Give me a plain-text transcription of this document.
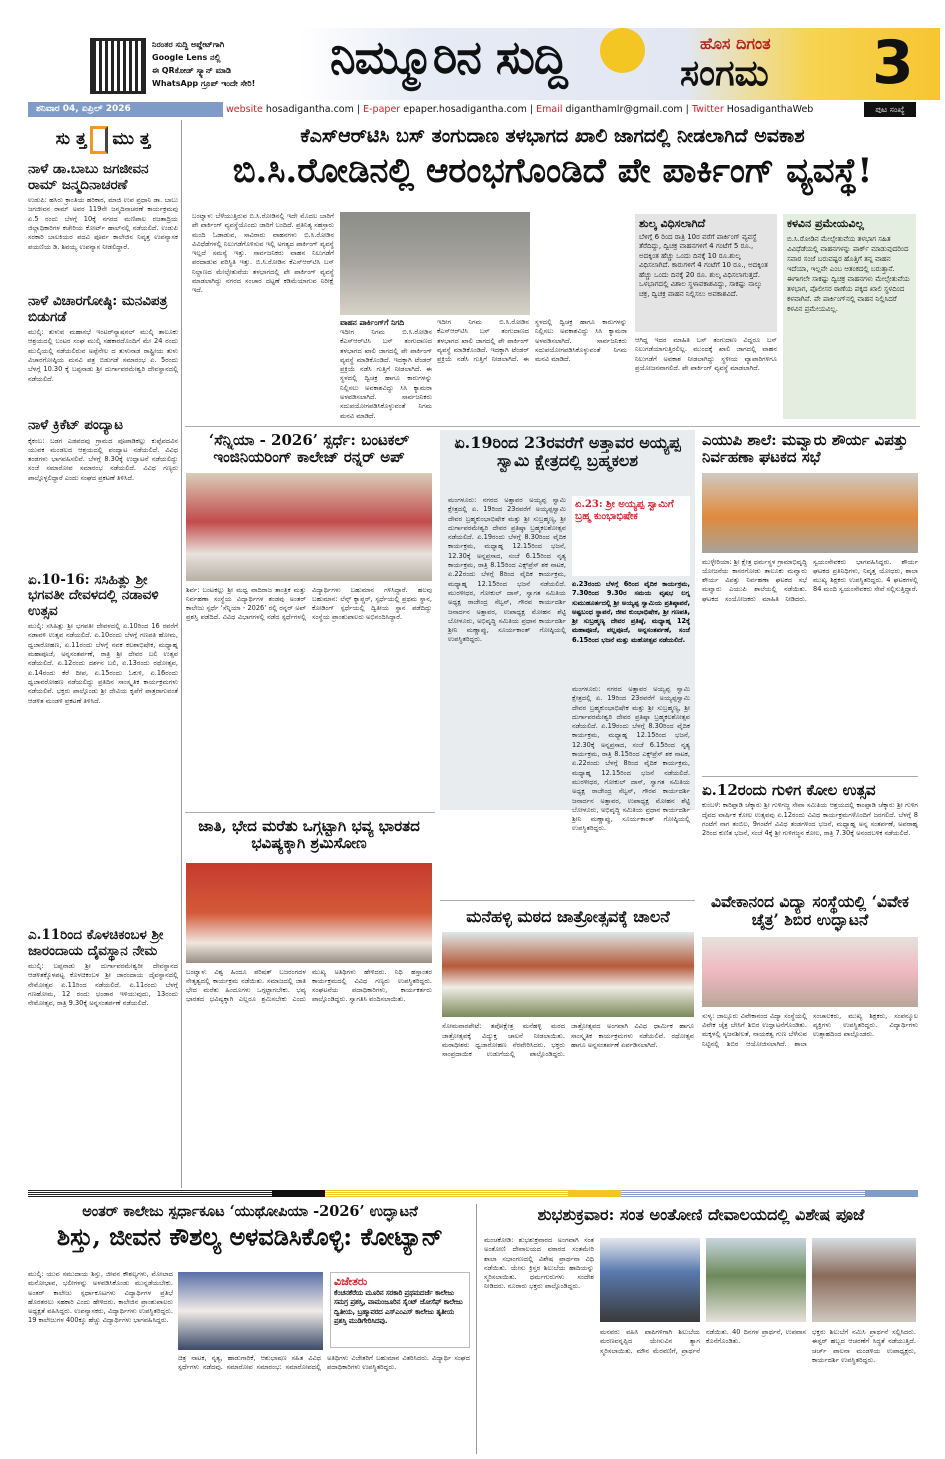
ನಿರಂತರ ಸುದ್ದಿ ಅಪ್ಡೇಟ್‌ಗಾಗಿ
Google Lens ನಲ್ಲಿ
ಈ QRಕೋಡ್ ಸ್ಕ್ಯಾನ್ ಮಾಡಿ
WhatsApp ಗ್ರೂಪ್ ಇಂದೇ ಸೇರಿ!	ನಿಮ್ಮೂರಿನ ಸುದ್ದಿ	ಹೊಸ ದಿಗಂತ
ಸಂಗಮ 3
ಶನಿವಾರ 04, ಏಪ್ರಿಲ್ 2026	website hosadigantha.com | E-paper epaper.hosadigantha.com | Email diganthamlr@gmail.com | Twitter HosadiganthaWeb	ಪುಟ ಸಂಖ್ಯೆ
ಸು ತ್ತ ಮು ತ್ತ
ನಾಳೆ ಡಾ.ಬಾಬು ಜಗಜೀವನ ರಾಮ್ ಜನ್ಮದಿನಾಚರಣೆ
ಉಡುಪಿ: ಹಸಿರು ಕ್ರಾಂತಿಯ ಹರಿಕಾರ, ಮಾಜಿ ಉಪ ಪ್ರಧಾನಿ ಡಾ. ಬಾಬು ಜಗಜೀವನ ರಾಮ್ ಅವರ 119ನೇ ಜನ್ಮದಿನಾಚರಣೆ ಕಾರ್ಯಕ್ರಮವು ಏ.5 ರಂದು ಬೆಳಗ್ಗೆ 10ಕ್ಕೆ ನಗರದ ಮಣಿಪಾಲ ರಜತಾದ್ರಿಯ ಜಿಲ್ಲಾಧಿಕಾರಿಗಳ ಕಚೇರಿಯ ಕೋರ್ಟ್ ಹಾಲ್‌ನಲ್ಲಿ ನಡೆಯಲಿದೆ. ಉಡುಪಿ ಸರಕಾರಿ ಬಾಲಕಿಯರ ಪದವಿ ಪೂರ್ವ ಕಾಲೇಜಿನ ನಿವೃತ್ತ ಉಪನ್ಯಾಸಕ ಪಯಣಿಯ ಡಿ. ಶಿವಯ್ಯ ಉಪನ್ಯಾಸ ನೀಡಲಿದ್ದಾರೆ.
ನಾಳೆ ವಿಚಾರಗೋಷ್ಠಿ: ಮನವಿಪತ್ರ ಬಿಡುಗಡೆ
ಮುಲ್ಕಿ: ತುಳುವ ಮಹಾಸಭೆ ಇಂಟರ್‌ನ್ಯಾಷನಲ್ ಮುಲ್ಕಿ ತಾಲೂಕು ಆಶ್ರಯದಲ್ಲಿ ಬಂಟರ ಸಂಘ ಮುಲ್ಕಿ ಸಹಕಾರದೊಂದಿಗೆ ಮೇ 24 ರಂದು ಮುಲ್ಕಿಯಲ್ಲಿ ನಡೆಯಲಿರುವ ಅಪ್ಪೆನೇಲ ದ ತುಳುನಾಡ ರಾಷ್ಟ್ರೀಯ ತುಳು ವಿಚಾರಗೋಷ್ಠಿಯ ಮನವಿ ಪತ್ರ ಬಿಡುಗಡೆ ಸಮಾರಂಭ ಏ. 5ರಂದು ಬೆಳಗ್ಗೆ 10.30 ಕ್ಕೆ ಬಪ್ಪನಾಡು ಶ್ರೀ ದುರ್ಗಾಪರಮೇಶ್ವರಿ ದೇವಸ್ಥಾನದಲ್ಲಿ ನಡೆಯಲಿದೆ.
ನಾಳೆ ಕ್ರಿಕೆಟ್ ಪಂದ್ಯಾಟ
ಕೈಕಂಬ: ಬಡಗ ಎಡಪದವು ಗ್ರಾಮದ ಪೂಪಾಡಿಕಲ್ಲು ಕುಪ್ಪೆಪದವಿನ ಯುವಕ ಮಂಡಲದ ಆಶ್ರಯದಲ್ಲಿ ಪಂದ್ಯಾಟ ನಡೆಯಲಿದೆ. ವಿವಿಧ ತಂಡಗಳು ಭಾಗವಹಿಸಲಿವೆ. ಬೆಳಗ್ಗೆ 8.30ಕ್ಕೆ ಉದ್ಘಾಟನೆ ನಡೆಯಲಿದ್ದು ಸಂಜೆ ಸಮಾರೋಪ ಸಮಾರಂಭ ನಡೆಯಲಿದೆ. ವಿವಿಧ ಗಣ್ಯರು ಪಾಲ್ಗೊಳ್ಳಲಿದ್ದಾರೆ ಎಂದು ಸಂಘದ ಪ್ರಕಟಣೆ ತಿಳಿಸಿದೆ.
ಏ.10-16: ಸಸಿಹಿತ್ಲು ಶ್ರೀ ಭಗವತೀ ದೇವಳದಲ್ಲಿ ನಡಾವಳಿ ಉತ್ಸವ
ಮುಲ್ಕಿ: ಸಸಿಹಿತ್ಲು ಶ್ರೀ ಭಗವತೀ ದೇವಳದಲ್ಲಿ ಏ.10ರಿಂದ 16 ರವರೆಗೆ ನಡಾವಳಿ ಉತ್ಸವ ನಡೆಯಲಿದೆ. ಏ.10ರಂದು ಬೆಳಗ್ಗೆ ಗಣಪತಿ ಹೋಮ, ಧ್ವಜಾರೋಹಣ, ಏ.11ರಂದು ಬೆಳಗ್ಗೆ ನವಕ ಕಲಶಾಭಿಷೇಕ, ಮಧ್ಯಾಹ್ನ ಮಹಾಪೂಜೆ, ಅನ್ನಸಂತರ್ಪಣೆ, ರಾತ್ರಿ ಶ್ರೀ ದೇವರ ಬಲಿ ಉತ್ಸವ ನಡೆಯಲಿದೆ. ಏ.12ರಂದು ದರ್ಶನ ಬಲಿ, ಏ.13ರಂದು ರಥೋತ್ಸವ, ಏ.14ರಂದು ಕೆರೆ ದೀಪ, ಏ.15ರಂದು ಓಕುಳಿ, ಏ.16ರಂದು ಧ್ವಜಾವರೋಹಣ ನಡೆಯಲಿದ್ದು ಪ್ರತಿದಿನ ಸಾಂಸ್ಕೃತಿಕ ಕಾರ್ಯಕ್ರಮಗಳು ನಡೆಯಲಿವೆ. ಭಕ್ತರು ಪಾಲ್ಗೊಂಡು ಶ್ರೀ ದೇವಿಯ ಕೃಪೆಗೆ ಪಾತ್ರರಾಗುವಂತೆ ಆಡಳಿತ ಮಂಡಳಿ ಪ್ರಕಟಣೆ ತಿಳಿಸಿದೆ.
ಎ.11ರಿಂದ ಕೊಳಚಿಕಂಬಳ ಶ್ರೀ ಜಾರಂದಾಯ ದೈವಸ್ಥಾನ ನೇಮ
ಮುಲ್ಕಿ: ಬಪ್ಪನಾಡು ಶ್ರೀ ದುರ್ಗಾಪರಮೇಶ್ವರೀ ದೇವಸ್ಥಾನದ ಆಡಳಿತಕ್ಕೊಳಪಟ್ಟ ಕೊಳಚಿಕಂಬಳ ಶ್ರೀ ಜಾರಂದಾಯ ದೈವಸ್ಥಾನದಲ್ಲಿ ನೇಮೋತ್ಸವ ಏ.11ರಿಂದ ನಡೆಯಲಿದೆ. ಏ.11ರಂದು ಬೆಳಗ್ಗೆ ಗಣಹೋಮ, 12 ರಂದು ಭಂಡಾರ ಇಳಿಯುವುದು, 13ರಂದು ನೇಮೋತ್ಸವ, ರಾತ್ರಿ 9.30ಕ್ಕೆ ಅನ್ನಸಂತರ್ಪಣೆ ನಡೆಯಲಿದೆ.
ಕೆಎಸ್‌ಆರ್‌ಟಿಸಿ ಬಸ್ ತಂಗುದಾಣ ತಳಭಾಗದ ಖಾಲಿ ಜಾಗದಲ್ಲಿ ನೀಡಲಾಗಿದೆ ಅವಕಾಶ
ಬಿ.ಸಿ.ರೋಡಿನಲ್ಲಿ ಆರಂಭಗೊಂಡಿದೆ ಪೇ ಪಾರ್ಕಿಂಗ್ ವ್ಯವಸ್ಥೆ!
ಬಂಟ್ವಾಳ: ಬೆಳೆಯುತ್ತಿರುವ ಬಿ.ಸಿ.ರೋಡಿನಲ್ಲಿ ಇದೇ ಮೊದಲ ಬಾರಿಗೆ ಪೇ ಪಾರ್ಕಿಂಗ್ ವ್ಯವಸ್ಥೆಯೊಂದು ಜಾರಿಗೆ ಬಂದಿದೆ. ಪ್ರತಿನಿತ್ಯ ಸಹಸ್ರಾರು ಮಂದಿ ಓಡಾಡುವ, ಸಾವಿರಾರು ವಾಹನಗಳು ಬಿ.ಸಿ.ರೋಡಿನ ವಿವಿಧೆಡೆಗಳಲ್ಲಿ ನಿಲುಗಡೆಗೊಳಿಸುವ ಇಲ್ಲಿ ಅಗತ್ಯದ ಪಾರ್ಕಿಂಗ್ ವ್ಯವಸ್ಥೆ ಇಲ್ಲದೆ ಸಮಸ್ಯೆ ಇತ್ತು. ಸಾರ್ವಜನಿಕರು ವಾಹನ ನಿಲುಗಡೆಗೆ ಪರದಾಡುವ ಪರಿಸ್ಥಿತಿ ಇತ್ತು. ಬಿ.ಸಿ.ರೋಡಿನ ಕೆಎಸ್‌ಆರ್‌ಟಿಸಿ ಬಸ್ ನಿಲ್ದಾಣದ ಮೇಲ್ಸೇತುವೆಯ ತಳಭಾಗದಲ್ಲಿ ಪೇ ಪಾರ್ಕಿಂಗ್ ವ್ಯವಸ್ಥೆ ಮಾಡಲಾಗಿದ್ದು ನಗರದ ಸಂಚಾರ ದಟ್ಟಣೆ ಕಡಿಮೆಯಾಗುವ ನಿರೀಕ್ಷೆ ಇದೆ.
ವಾಹನ ಪಾರ್ಕಿಂಗ್‌ಗೆ ನಿಗದಿ
ಇದೀಗ ನಿಗಮ ಬಿ.ಸಿ.ರೋಡಿನ ಕೆಎಸ್‌ಆರ್‌ಟಿಸಿ ಬಸ್ ತಂಗುದಾಣದ ತಳಭಾಗದ ಖಾಲಿ ಜಾಗದಲ್ಲಿ ಪೇ ಪಾರ್ಕಿಂಗ್ ವ್ಯವಸ್ಥೆ ಮಾಡಿಕೊಂಡಿದೆ. ಇದಕ್ಕಾಗಿ ಟೆಂಡರ್ ಪ್ರಕ್ರಿಯೆ ನಡೆಸಿ ಗುತ್ತಿಗೆ ನೀಡಲಾಗಿದೆ. ಈ ಸ್ಥಳದಲ್ಲಿ ದ್ವಿಚಕ್ರ ಹಾಗೂ ಕಾರುಗಳನ್ನು ನಿಲ್ಲಿಸಲು ಅವಕಾಶವಿದ್ದು ಸಿಸಿ ಕ್ಯಾಮರಾ ಅಳವಡಿಸಲಾಗಿದೆ. ಸಾರ್ವಜನಿಕರು ಸದುಪಯೋಗಪಡಿಸಿಕೊಳ್ಳುವಂತೆ ನಿಗಮ ಮನವಿ ಮಾಡಿದೆ.
ಇದೀಗ ನಿಗಮ ಬಿ.ಸಿ.ರೋಡಿನ ಕೆಎಸ್‌ಆರ್‌ಟಿಸಿ ಬಸ್ ತಂಗುದಾಣದ ತಳಭಾಗದ ಖಾಲಿ ಜಾಗದಲ್ಲಿ ಪೇ ಪಾರ್ಕಿಂಗ್ ವ್ಯವಸ್ಥೆ ಮಾಡಿಕೊಂಡಿದೆ. ಇದಕ್ಕಾಗಿ ಟೆಂಡರ್ ಪ್ರಕ್ರಿಯೆ ನಡೆಸಿ ಗುತ್ತಿಗೆ ನೀಡಲಾಗಿದೆ. ಈ ಸ್ಥಳದಲ್ಲಿ ದ್ವಿಚಕ್ರ ಹಾಗೂ ಕಾರುಗಳನ್ನು ನಿಲ್ಲಿಸಲು ಅವಕಾಶವಿದ್ದು ಸಿಸಿ ಕ್ಯಾಮರಾ ಅಳವಡಿಸಲಾಗಿದೆ. ಸಾರ್ವಜನಿಕರು ಸದುಪಯೋಗಪಡಿಸಿಕೊಳ್ಳುವಂತೆ ನಿಗಮ ಮನವಿ ಮಾಡಿದೆ.
ಆಗಿದ್ದ ಇದರ ಮಾಹಿತಿ ಬಸ್ ತಂಗುದಾಣ ವಿದ್ದರೂ ಬಸ್ ನಿಲುಗಡೆಯಾಗುತ್ತಿರಲಿಲ್ಲ. ಮುಂದಕ್ಕೆ ಖಾಲಿ ಜಾಗದಲ್ಲಿ ವಾಹನ ನಿಲುಗಡೆಗೆ ಅವಕಾಶ ನೀಡಲಾಗಿದ್ದು ಸ್ಥಳೀಯ ವ್ಯಾಪಾರಿಗಳಿಗೂ ಪ್ರಯೋಜನವಾಗಲಿದೆ. ಪೇ ಪಾರ್ಕಿಂಗ್ ವ್ಯವಸ್ಥೆ ಮಾಡಲಾಗಿದೆ.
ಶುಲ್ಕ ವಿಧಿಸಲಾಗಿದೆ
ಬೆಳಿಗ್ಗೆ 6 ರಿಂದ ರಾತ್ರಿ 10ರ ವರೆಗೆ ಪಾರ್ಕಿಂಗ್ ವ್ಯವಸ್ಥೆ ತೆರೆದಿದ್ದು, ದ್ವಿಚಕ್ರ ವಾಹನಗಳಿಗೆ 4 ಗಂಟೆಗೆ 5 ರೂ., ಅದಕ್ಕಿಂತ ಹೆಚ್ಚು ಒಂದು ದಿನಕ್ಕೆ 10 ರೂ.ಶುಲ್ಕ ವಿಧಿಸಲಾಗಿದೆ. ಕಾರುಗಳಿಗೆ 4 ಗಂಟೆಗೆ 10 ರೂ., ಅದಕ್ಕಿಂತ ಹೆಚ್ಚು ಒಂದು ದಿನಕ್ಕೆ 20 ರೂ. ಶುಲ್ಕ ವಿಧಿಸಲಾಗುತ್ತದೆ. ಒಳಭಾಗದಲ್ಲಿ ವಿಶಾಲ ಸ್ಥಳಾವಕಾಶವಿದ್ದು, ಸಾಕಷ್ಟು ನಾಲ್ಕು ಚಕ್ರ, ದ್ವಿಚಕ್ರ ವಾಹನ ನಿಲ್ಲಿಸಲು ಅವಕಾಶವಿದೆ.
ಕಳವಿನ ಪ್ರಮೇಯವಿಲ್ಲ
ಬಿ.ಸಿ.ರೋಡಿನ ಮೇಲ್ಸೇತುವೆಯ ತಳಭಾಗ ಸಹಿತ ವಿವಿಧೆಡೆಯಲ್ಲಿ ವಾಹನಗಳನ್ನು ಪಾರ್ಕ್ ಮಾಡುವುದರಿಂದ ಸವಾರ ಸಂಜೆ ಬರುವಷ್ಟರ ಹೊತ್ತಿಗೆ ತನ್ನ ವಾಹನ ಇದೆಯಾ, ಇಲ್ಲವೇ ಎಂಬ ಆತಂಕದಲ್ಲಿ ಬರುತ್ತಾನೆ. ಈಗಾಗಲೇ ಸಾಕಷ್ಟು ದ್ವಿಚಕ್ರ ವಾಹನಗಳು ಮೇಲ್ಸೇತುವೆಯ ತಳಭಾಗ, ಪೊಲೀಸರ ಠಾಣೆಯ ಪಕ್ಕದ ಖಾಲಿ ಸ್ಥಳದಿಂದ ಕಳವಾಗಿವೆ. ಪೇ ಪಾರ್ಕಿಂಗ್‌ನಲ್ಲಿ ವಾಹನ ನಿಲ್ಲಿಸಿದರೆ ಕಳವಿನ ಪ್ರಮೇಯವಿಲ್ಲ.
‘ಸೆನ್ನಿಯಾ - 2026’ ಸ್ಪರ್ಧೆ: ಬಂಟಕಲ್ ಇಂಜಿನಿಯರಿಂಗ್ ಕಾಲೇಜ್ ರನ್ನರ್ ಅಪ್
ಶಿರ್ವ: ಬಂಟಕಲ್ಲು ಶ್ರೀ ಮಧ್ವ ವಾದಿರಾಜ ತಾಂತ್ರಿಕ ಮತ್ತು ನಿರ್ವಹಣಾ ಸಂಸ್ಥೆಯ ವಿದ್ಯಾರ್ಥಿಗಳ ತಂಡವು ಅಂತರ್ ಕಾಲೇಜು ಸ್ಪರ್ಧೆ ‘ಸೆನ್ನಿಯಾ - 2026’ ರಲ್ಲಿ ರನ್ನರ್ ಅಪ್ ಪ್ರಶಸ್ತಿ ಪಡೆದಿದೆ. ವಿವಿಧ ವಿಭಾಗಗಳಲ್ಲಿ ನಡೆದ ಸ್ಪರ್ಧೆಗಳಲ್ಲಿ ವಿದ್ಯಾರ್ಥಿಗಳು ಬಹುಮಾನ ಗಳಿಸಿದ್ದಾರೆ. ಹಲವು ಬಹುಮಾನ: ಲೆನ್ಸ್ ಕ್ಯಾಪ್ಚರ್, ಸ್ಪರ್ಧೆಯಲ್ಲಿ ಪ್ರಥಮ ಸ್ಥಾನ, ಕೋಡಿಂಗ್ ಸ್ಪರ್ಧೆಯಲ್ಲಿ ದ್ವಿತೀಯ ಸ್ಥಾನ ಪಡೆದಿದ್ದು ಸಂಸ್ಥೆಯ ಪ್ರಾಂಶುಪಾಲರು ಅಭಿನಂದಿಸಿದ್ದಾರೆ.
ಏ.19ರಿಂದ 23ರವರೆಗೆ ಅತ್ತಾವರ ಅಯ್ಯಪ್ಪ ಸ್ವಾಮಿ ಕ್ಷೇತ್ರದಲ್ಲಿ ಬ್ರಹ್ಮಕಲಶ
ಮಂಗಳೂರು: ನಗರದ ಅತ್ತಾವರ ಅಯ್ಯಪ್ಪ ಸ್ವಾಮಿ ಕ್ಷೇತ್ರದಲ್ಲಿ ಏ. 19ರಿಂದ 23ರವರೆಗೆ ಅಯ್ಯಪ್ಪಸ್ವಾಮಿ ದೇವರ ಬ್ರಹ್ಮಕುಂಭಾಭಿಷೇಕ ಮತ್ತು ಶ್ರೀ ಸುಬ್ರಹ್ಮಣ್ಯ, ಶ್ರೀ ದುರ್ಗಾಪರಮೇಶ್ವರಿ ದೇವರ ಪ್ರತಿಷ್ಠಾ ಬ್ರಹ್ಮಕಲಶೋತ್ಸವ ನಡೆಯಲಿದೆ. ಏ.19ರಂದು ಬೆಳಗ್ಗೆ 8.30ರಿಂದ ವೈದಿಕ ಕಾರ್ಯಕ್ರಮ, ಮಧ್ಯಾಹ್ನ 12.15ರಿಂದ ಭಜನೆ, 12.30ಕ್ಕೆ ಅನ್ನಪ್ರಸಾದ, ಸಂಜೆ 6.15ರಿಂದ ನೃತ್ಯ ಕಾರ್ಯಕ್ರಮ, ರಾತ್ರಿ 8.15ರಿಂದ ಎಕ್ಸ್‌ಪ್ರೆಸ್ ಶಕ ನಾಟಕ, ಏ.22ರಂದು ಬೆಳಗ್ಗೆ 8ರಿಂದ ವೈದಿಕ ಕಾರ್ಯಕ್ರಮ, ಮಧ್ಯಾಹ್ನ 12.15ರಿಂದ ಭಜನೆ ನಡೆಯಲಿದೆ. ಮುರಳೀಧರ, ಗೋಕುಲ್ ದಾಸ್, ಸ್ವಾಗತ ಸಮಿತಿಯ ಅಧ್ಯಕ್ಷ ರಾಜೇಂದ್ರ ಸೆಲ್ವನ್, ಗೌರವ ಕಾರ್ಯದರ್ಶಿ ಜನಾರ್ದನ ಅತ್ತಾವರ, ಉಪಾಧ್ಯಕ್ಷ ಮೋಹನ ಶೆಟ್ಟಿ ಬೋಳೂರು, ಅಭಿವೃದ್ಧಿ ಸಮಿತಿಯ ಪ್ರಧಾನ ಕಾರ್ಯದರ್ಶಿ ಶ್ರೀನಿ ಮಣ್ಣಾಪ್ಪು, ಸೂರ್ಯಕಾಂತ್ ಗೋಷ್ಠಿಯಲ್ಲಿ ಉಪಸ್ಥಿತರಿದ್ದರು.
ಏ.23: ಶ್ರೀ ಅಯ್ಯಪ್ಪ ಸ್ವಾಮಿಗೆ ಬ್ರಹ್ಮ ಕುಂಭಾಭಿಷೇಕ
ಏ.23ರಂದು ಬೆಳಗ್ಗೆ 6ರಿಂದ ವೈದಿಕ ಕಾರ್ಯಕ್ರಮ, 7.30ರಿಂದ 9.30ರ ಸಮಯ ವೃಷಭ ಲಗ್ನ ಸುಮುಹೂರ್ತದಲ್ಲಿ ಶ್ರೀ ಅಯ್ಯಪ್ಪ ಸ್ವಾಮಿಯ ಪ್ರತಿಷ್ಠಾಪನೆ, ಅಷ್ಟಬಂಧ ಸ್ಥಾಪನೆ, ಜೀವ ಕುಂಭಾಭಿಷೇಕ, ಶ್ರೀ ಗಣಪತಿ, ಶ್ರೀ ಸುಬ್ರಹ್ಮಣ್ಯ ದೇವರ ಪ್ರತಿಷ್ಠೆ, ಮಧ್ಯಾಹ್ನ 12ಕ್ಕೆ ಮಹಾಪೂಜೆ, ಪಲ್ಲಪೂಜೆ, ಅನ್ನಸಂತರ್ಪಣೆ, ಸಂಜೆ 6.15ರಿಂದ ಭಜನೆ ಮತ್ತು ಮಹೋತ್ಸವ ನಡೆಯಲಿದೆ.
ಮಂಗಳೂರು: ನಗರದ ಅತ್ತಾವರ ಅಯ್ಯಪ್ಪ ಸ್ವಾಮಿ ಕ್ಷೇತ್ರದಲ್ಲಿ ಏ. 19ರಿಂದ 23ರವರೆಗೆ ಅಯ್ಯಪ್ಪಸ್ವಾಮಿ ದೇವರ ಬ್ರಹ್ಮಕುಂಭಾಭಿಷೇಕ ಮತ್ತು ಶ್ರೀ ಸುಬ್ರಹ್ಮಣ್ಯ, ಶ್ರೀ ದುರ್ಗಾಪರಮೇಶ್ವರಿ ದೇವರ ಪ್ರತಿಷ್ಠಾ ಬ್ರಹ್ಮಕಲಶೋತ್ಸವ ನಡೆಯಲಿದೆ. ಏ.19ರಂದು ಬೆಳಗ್ಗೆ 8.30ರಿಂದ ವೈದಿಕ ಕಾರ್ಯಕ್ರಮ, ಮಧ್ಯಾಹ್ನ 12.15ರಿಂದ ಭಜನೆ, 12.30ಕ್ಕೆ ಅನ್ನಪ್ರಸಾದ, ಸಂಜೆ 6.15ರಿಂದ ನೃತ್ಯ ಕಾರ್ಯಕ್ರಮ, ರಾತ್ರಿ 8.15ರಿಂದ ಎಕ್ಸ್‌ಪ್ರೆಸ್ ಶಕ ನಾಟಕ, ಏ.22ರಂದು ಬೆಳಗ್ಗೆ 8ರಿಂದ ವೈದಿಕ ಕಾರ್ಯಕ್ರಮ, ಮಧ್ಯಾಹ್ನ 12.15ರಿಂದ ಭಜನೆ ನಡೆಯಲಿದೆ. ಮುರಳೀಧರ, ಗೋಕುಲ್ ದಾಸ್, ಸ್ವಾಗತ ಸಮಿತಿಯ ಅಧ್ಯಕ್ಷ ರಾಜೇಂದ್ರ ಸೆಲ್ವನ್, ಗೌರವ ಕಾರ್ಯದರ್ಶಿ ಜನಾರ್ದನ ಅತ್ತಾವರ, ಉಪಾಧ್ಯಕ್ಷ ಮೋಹನ ಶೆಟ್ಟಿ ಬೋಳೂರು, ಅಭಿವೃದ್ಧಿ ಸಮಿತಿಯ ಪ್ರಧಾನ ಕಾರ್ಯದರ್ಶಿ ಶ್ರೀನಿ ಮಣ್ಣಾಪ್ಪು, ಸೂರ್ಯಕಾಂತ್ ಗೋಷ್ಠಿಯಲ್ಲಿ ಉಪಸ್ಥಿತರಿದ್ದರು.
ಎಯುಪಿ ಶಾಲೆ: ಮವ್ವಾರು ಶೌರ್ಯ ವಿಪತ್ತು ನಿರ್ವಹಣಾ ಘಟಕದ ಸಭೆ
ಮುಳ್ಳೇರಿಯಾ: ಶ್ರೀ ಕ್ಷೇತ್ರ ಧರ್ಮಸ್ಥಳ ಗ್ರಾಮಾಭಿವೃದ್ಧಿ ಯೋಜನೆಯ ಕಾಸರಗೋಡು ತಾಲೂಕು ಮವ್ವಾರು ಶೌರ್ಯ ವಿಪತ್ತು ನಿರ್ವಹಣಾ ಘಟಕದ ಸಭೆ ಮವ್ವಾರು ಎಯುಪಿ ಶಾಲೆಯಲ್ಲಿ ನಡೆಯಿತು. ಘಟಕದ ಸಂಯೋಜಕರು ಮಾಹಿತಿ ನೀಡಿದರು. ಸ್ವಯಂಸೇವಕರು ಭಾಗವಹಿಸಿದ್ದರು. ಶೌರ್ಯ ಘಟಕದ ಪ್ರತಿನಿಧಿಗಳು, ನಿವೃತ್ತ ಯೋಧರು, ಶಾಲಾ ಮುಖ್ಯ ಶಿಕ್ಷಕರು ಉಪಸ್ಥಿತರಿದ್ದರು. 4 ಘಟಕಗಳಲ್ಲಿ 84 ಮಂದಿ ಸ್ವಯಂಸೇವಕರು ಸೇವೆ ಸಲ್ಲಿಸುತ್ತಿದ್ದಾರೆ.
ಏ.12ರಂದು ಗುಳಿಗ ಕೋಲ ಉತ್ಸವ
ಕುಂಬಳೆ: ಕಾರಿಪ್ಪಾಡಿ ಚೆಕ್ಕಾರು ಶ್ರೀ ಗುಳಿಗಜ್ಜ ಸೇವಾ ಸಮಿತಿಯ ಆಶ್ರಯದಲ್ಲಿ ಕಾಂಪ್ಪಾಡಿ ಚೆಕ್ಕಾರು ಶ್ರೀ ಗುಳಿಗ ದೈವದ ವಾರ್ಷಿಕ ಕೋಲ ಉತ್ಸವವು ಏ.12ರಂದು ವಿವಿಧ ಕಾರ್ಯಕ್ರಮಗಳೊಂದಿಗೆ ಜರಗಲಿದೆ. ಬೆಳಗ್ಗೆ 8 ಗಂಟೆಗೆ ನಾಗ ತಂಬಿಲ, 9ಗಂಟೆಗೆ ವಿವಿಧ ತಂಡಗಳಿಂದ ಭಜನೆ, ಮಧ್ಯಾಹ್ನ ಅನ್ನ ಸಂತರ್ಪಣೆ, ಅಪರಾಹ್ನ 2ರಿಂದ ಕುಣಿತ ಭಜನೆ, ಸಂಜೆ 4ಕ್ಕೆ ಶ್ರೀ ಗುಳಿಗಜ್ಜನ ಕೋಲ, ರಾತ್ರಿ 7.30ಕ್ಕೆ ಅನಂದಬಳಿಕ ನಡೆಯಲಿದೆ.
ಜಾತಿ, ಭೇದ ಮರೆತು ಒಗ್ಗಟ್ಟಾಗಿ ಭವ್ಯ ಭಾರತದ ಭವಿಷ್ಯಕ್ಕಾಗಿ ಶ್ರಮಿಸೋಣ
ಬಂಟ್ವಾಳ: ವಿಶ್ವ ಹಿಂದೂ ಪರಿಷತ್ ಬಜರಂಗದಳ ನೇತೃತ್ವದಲ್ಲಿ ಕಾರ್ಯಕ್ರಮ ನಡೆಯಿತು. ಸಮಾಜದಲ್ಲಿ ಜಾತಿ ಭೇದ ಮರೆತು ಹಿಂದೂಗಳು ಒಗ್ಗಟ್ಟಾಗಬೇಕು. ಭವ್ಯ ಭಾರತದ ಭವಿಷ್ಯಕ್ಕಾಗಿ ಎಲ್ಲರೂ ಶ್ರಮಿಸಬೇಕು ಎಂದು ಮುಖ್ಯ ಅತಿಥಿಗಳು ಹೇಳಿದರು. ನಿಧಿ ಹಸ್ತಾಂತರ ಕಾರ್ಯಕ್ರಮದಲ್ಲಿ ವಿವಿಧ ಗಣ್ಯರು ಉಪಸ್ಥಿತರಿದ್ದರು. ಸಂಘಟನೆಯ ಪದಾಧಿಕಾರಿಗಳು, ಕಾರ್ಯಕರ್ತರು ಪಾಲ್ಗೊಂಡಿದ್ದರು. ಸ್ವಾಗತಿಸಿ ವಂದಿಸಲಾಯಿತು.
ಮನೆಹಳ್ಳಿ ಮಠದ ಜಾತ್ರೋತ್ಸವಕ್ಕೆ ಚಾಲನೆ
ಸೋಮವಾರಪೇಟೆ: ತಪೋಕ್ಷೇತ್ರ ಮನೆಹಳ್ಳಿ ಮಠದ ಜಾತ್ರೋತ್ಸವಕ್ಕೆ ವಿದ್ಯುಕ್ತ ಚಾಲನೆ ನೀಡಲಾಯಿತು. ಮಠಾಧೀಶರು ಧ್ವಜಾರೋಹಣ ನೆರವೇರಿಸಿದರು. ಭಕ್ತರು ಸಾಂಪ್ರದಾಯಿಕ ಉಡುಗೆಯಲ್ಲಿ ಪಾಲ್ಗೊಂಡಿದ್ದರು. ಜಾತ್ರೋತ್ಸವದ ಅಂಗವಾಗಿ ವಿವಿಧ ಧಾರ್ಮಿಕ ಹಾಗೂ ಸಾಂಸ್ಕೃತಿಕ ಕಾರ್ಯಕ್ರಮಗಳು ನಡೆಯಲಿವೆ. ರಥೋತ್ಸವ ಹಾಗೂ ಅನ್ನಸಂತರ್ಪಣೆ ಏರ್ಪಡಿಸಲಾಗಿದೆ.
ವಿವೇಕಾನಂದ ವಿದ್ಯಾ ಸಂಸ್ಥೆಯಲ್ಲಿ ‘ವಿವೇಕ ಚೈತ್ರ’ ಶಿಬಿರ ಉದ್ಘಾಟನೆ
ಸುಳ್ಯ: ಜಾಲ್ಸೂರು ವಿವೇಕಾನಂದ ವಿದ್ಯಾ ಸಂಸ್ಥೆಯಲ್ಲಿ ವಿವೇಕ ಚೈತ್ರ ಬೇಸಿಗೆ ಶಿಬಿರ ಉದ್ಘಾಟನೆಗೊಂಡಿತು. ಮಕ್ಕಳಲ್ಲಿ ಸೃಜನಶೀಲತೆ, ನಾಯಕತ್ವ ಗುಣ ಬೆಳೆಸುವ ನಿಟ್ಟಿನಲ್ಲಿ ಶಿಬಿರ ಆಯೋಜಿಸಲಾಗಿದೆ. ಶಾಲಾ ಸಂಚಾಲಕರು, ಮುಖ್ಯ ಶಿಕ್ಷಕರು, ಸಂಪನ್ಮೂಲ ವ್ಯಕ್ತಿಗಳು ಉಪಸ್ಥಿತರಿದ್ದರು. ವಿದ್ಯಾರ್ಥಿಗಳು ಉತ್ಸಾಹದಿಂದ ಪಾಲ್ಗೊಂಡರು.
ಅಂತರ್ ಕಾಲೇಜು ಸ್ಪರ್ಧಾಕೂಟ ‘ಯುಥೋಪಿಯಾ -2026’ ಉದ್ಘಾಟನೆ
ಶಿಸ್ತು, ಜೀವನ ಕೌಶಲ್ಯ ಅಳವಡಿಸಿಕೊಳ್ಳಿ: ಕೋಟ್ಯಾನ್
ಮುಲ್ಕಿ: ಯುವ ಸಮುದಾಯ ಶಿಸ್ತು, ಜೀವನ ಕೌಶಲ್ಯಗಳು, ಮೋಲಾದ ಮನೋಭಾವ, ಭಲೀಗಳನ್ನು ಅಳವಡಿಸಿಕೊಂಡು ಮುನ್ನಡೆಯಬೇಕು. ಅಂತರ್ ಕಾಲೇಜು ಸ್ಪರ್ಧಾಕೂಟಗಳು ವಿದ್ಯಾರ್ಥಿಗಳ ಪ್ರತಿಭೆ ಹೊರತರಲು ಸಹಕಾರಿ ಎಂದು ಹೇಳಿದರು. ಕಾಲೇಜಿನ ಪ್ರಾಂಶುಪಾಲರು ಅಧ್ಯಕ್ಷತೆ ವಹಿಸಿದ್ದರು. ಉಪನ್ಯಾಸಕರು, ವಿದ್ಯಾರ್ಥಿಗಳು ಉಪಸ್ಥಿತರಿದ್ದರು. 19 ಕಾಲೇಜುಗಳ 400ಕ್ಕೂ ಹೆಚ್ಚು ವಿದ್ಯಾರ್ಥಿಗಳು ಭಾಗವಹಿಸಿದ್ದರು.
ವಿಜೇತರು
ಕೆಂಚನಕೆರೆಯ ಮೂರಿನ ಸರಕಾರಿ ಪ್ರಥಮದರ್ಜೆ ಕಾಲೇಜು ಸಮಗ್ರ ಪ್ರಶಸ್ತಿ, ವಾಮಂಜೂರಿನ ಸೈಂಟ್ ಜೋಸೆಫ್ ಕಾಲೇಜು ದ್ವಿತೀಯ, ಬ್ರಹ್ಮಾವರದ ಎಸ್‌ಎಂಎಸ್ ಕಾಲೇಜು ತೃತೀಯ ಪ್ರಶಸ್ತಿ ಮುಡಿಗೇರಿಸಿದವು.
ಚಿತ್ರ ನಾಟಕ, ನೃತ್ಯ, ಹಾಡುಗಾರಿಕೆ, ಆಶುಭಾಷಣ ಸಹಿತ ವಿವಿಧ ಸ್ಪರ್ಧೆಗಳು ನಡೆದವು. ಸಮಾರೋಪ ಸಮಾರಂಭ: ಸಮಾರೋಪದಲ್ಲಿ ಅತಿಥಿಗಳು ವಿಜೇತರಿಗೆ ಬಹುಮಾನ ವಿತರಿಸಿದರು. ವಿದ್ಯಾರ್ಥಿ ಸಂಘದ ಪದಾಧಿಕಾರಿಗಳು ಉಪಸ್ಥಿತರಿದ್ದರು.
ಶುಭಶುಕ್ರವಾರ: ಸಂತ ಅಂತೋಣಿ ದೇವಾಲಯದಲ್ಲಿ ವಿಶೇಷ ಪೂಜೆ
ಮಂಚಕೋಡಿ: ಶುಭಶುಕ್ರವಾರದ ಅಂಗವಾಗಿ ಸಂತ ಅಂತೋಣಿ ದೇವಾಲಯದ ವಠಾರದ ಸಂತಮೇರಿ ಶಾಲಾ ಸಭಾಂಗಣದಲ್ಲಿ ವಿಶೇಷ ಪ್ರಾರ್ಥನಾ ವಿಧಿ ನಡೆಯಿತು. ಯೇಸು ಕ್ರಿಸ್ತರ ಶಿಲುಬೆಯ ಹಾದಿಯನ್ನು ಸ್ಮರಿಸಲಾಯಿತು. ಧರ್ಮಗುರುಗಳು ಸಂದೇಶ ನೀಡಿದರು. ನೂರಾರು ಭಕ್ತರು ಪಾಲ್ಗೊಂಡಿದ್ದರು.
ಮನವರು ವಹಿಸಿ ಪಾಪಿಗಳಿಗಾಗಿ ಶಿಲುಬೆಯ ಮರಣವನ್ನಪ್ಪಿದ ಯೇಸುವಿನ ತ್ಯಾಗ ಸ್ಮರಿಸಲಾಯಿತು. ಮೌನ ಮೆರವಣಿಗೆ, ಪ್ರಾರ್ಥನೆ ನಡೆಯಿತು. 40 ದಿನಗಳ ಪ್ರಾರ್ಥನೆ, ಉಪವಾಸ ಕೊನೆಗೊಂಡಿತು.
ಭಕ್ತರು ಶಿಲುಬೆಗೆ ನಮಿಸಿ ಪ್ರಾರ್ಥನೆ ಸಲ್ಲಿಸಿದರು. ಈಸ್ಟರ್ ಹಬ್ಬದ ಆಚರಣೆಗೆ ಸಿದ್ಧತೆ ನಡೆಯುತ್ತಿದೆ. ಚರ್ಚ್ ಪಾಲನಾ ಮಂಡಳಿಯ ಉಪಾಧ್ಯಕ್ಷರು, ಕಾರ್ಯದರ್ಶಿ ಉಪಸ್ಥಿತರಿದ್ದರು.
